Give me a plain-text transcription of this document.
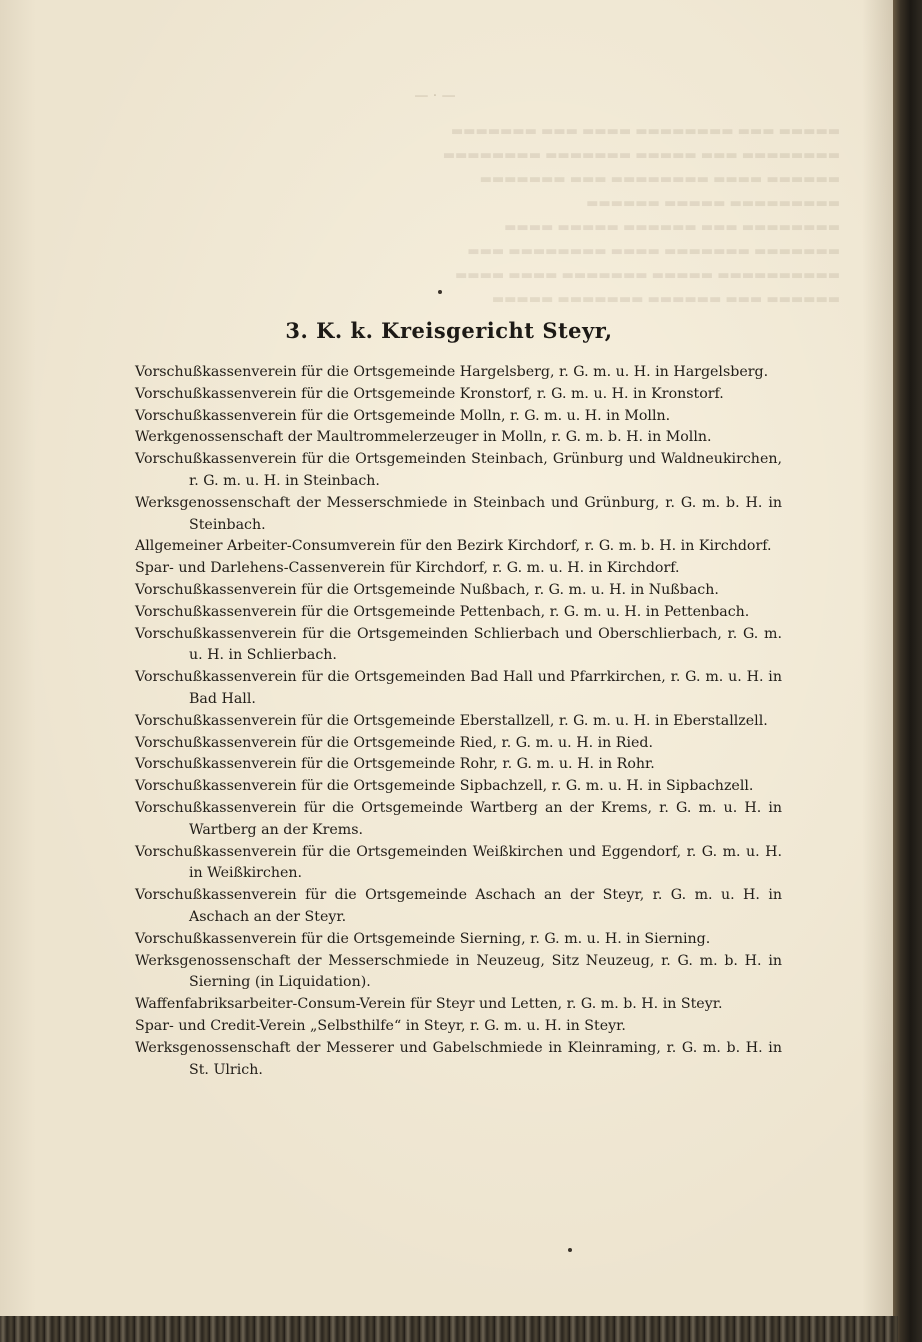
▬▬▬▬▬ ▬▬▬ ▬▬▬▬▬▬▬▬ ▬▬▬▬ ▬▬▬ ▬▬▬▬▬▬▬
▬▬▬▬▬▬▬▬ ▬▬▬ ▬▬▬▬▬ ▬▬▬▬▬▬▬ ▬▬▬▬▬▬▬▬
▬▬▬▬▬▬ ▬▬▬▬ ▬▬▬▬▬▬▬▬ ▬▬▬ ▬▬▬▬▬▬▬
▬▬▬▬▬▬▬▬▬ ▬▬▬▬▬ ▬▬▬▬▬▬
▬▬▬▬▬▬▬▬ ▬▬▬ ▬▬▬▬▬▬ ▬▬▬▬▬ ▬▬▬▬
▬▬▬▬▬▬▬ ▬▬▬▬▬▬▬ ▬▬▬▬ ▬▬▬▬▬▬▬▬ ▬▬▬
▬▬▬▬▬▬▬▬▬▬ ▬▬▬▬▬ ▬▬▬▬▬▬▬ ▬▬▬▬ ▬▬▬▬
▬▬▬▬▬▬ ▬▬▬ ▬▬▬▬▬▬ ▬▬▬▬▬▬▬ ▬▬▬▬▬
— · —
3. K. k. Kreisgericht Steyr,
Vorschußkassenverein für die Ortsgemeinde Hargelsberg, r. G. m. u. H. in Hargelsberg.
Vorschußkassenverein für die Ortsgemeinde Kronstorf, r. G. m. u. H. in Kronstorf.
Vorschußkassenverein für die Ortsgemeinde Molln, r. G. m. u. H. in Molln.
Werkgenossenschaft der Maultrommelerzeuger in Molln, r. G. m. b. H. in Molln.
Vorschußkassenverein für die Ortsgemeinden Steinbach, Grünburg und Waldneukirchen, r. G. m. u. H. in Steinbach.
Werksgenossenschaft der Messerschmiede in Steinbach und Grünburg, r. G. m. b. H. in Steinbach.
Allgemeiner Arbeiter-Consumverein für den Bezirk Kirchdorf, r. G. m. b. H. in Kirchdorf.
Spar- und Darlehens-Cassenverein für Kirchdorf, r. G. m. u. H. in Kirchdorf.
Vorschußkassenverein für die Ortsgemeinde Nußbach, r. G. m. u. H. in Nußbach.
Vorschußkassenverein für die Ortsgemeinde Pettenbach, r. G. m. u. H. in Pettenbach.
Vorschußkassenverein für die Ortsgemeinden Schlierbach und Oberschlierbach, r. G. m. u. H. in Schlierbach.
Vorschußkassenverein für die Ortsgemeinden Bad Hall und Pfarrkirchen, r. G. m. u. H. in Bad Hall.
Vorschußkassenverein für die Ortsgemeinde Eberstallzell, r. G. m. u. H. in Eberstallzell.
Vorschußkassenverein für die Ortsgemeinde Ried, r. G. m. u. H. in Ried.
Vorschußkassenverein für die Ortsgemeinde Rohr, r. G. m. u. H. in Rohr.
Vorschußkassenverein für die Ortsgemeinde Sipbachzell, r. G. m. u. H. in Sipbachzell.
Vorschußkassenverein für die Ortsgemeinde Wartberg an der Krems, r. G. m. u. H. in Wartberg an der Krems.
Vorschußkassenverein für die Ortsgemeinden Weißkirchen und Eggendorf, r. G. m. u. H. in Weißkirchen.
Vorschußkassenverein für die Ortsgemeinde Aschach an der Steyr, r. G. m. u. H. in Aschach an der Steyr.
Vorschußkassenverein für die Ortsgemeinde Sierning, r. G. m. u. H. in Sierning.
Werksgenossenschaft der Messerschmiede in Neuzeug, Sitz Neuzeug, r. G. m. b. H. in Sierning (in Liquidation).
Waffenfabriksarbeiter-Consum-Verein für Steyr und Letten, r. G. m. b. H. in Steyr.
Spar- und Credit-Verein „Selbsthilfe“ in Steyr, r. G. m. u. H. in Steyr.
Werksgenossenschaft der Messerer und Gabelschmiede in Kleinraming, r. G. m. b. H. in St. Ulrich.
